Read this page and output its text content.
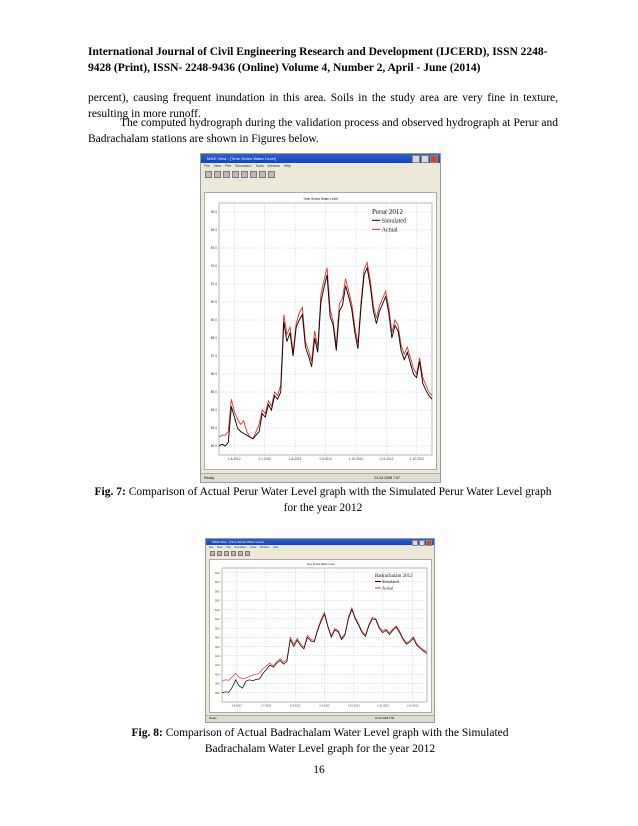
International Journal of Civil Engineering Research and Development (IJCERD), ISSN 2248-
9428 (Print), ISSN- 2248-9436 (Online) Volume 4, Number 2, April - June (2014)
percent), causing frequent inundation in this area. Soils in the study area are very fine in texture, resulting in more runoff.
The computed hydrograph during the validation process and observed hydrograph at Perur and Badrachalam stations are shown in Figures below.
MIKE View - [Time Series Water Level]
File View Plot Simulation Tools Window Help
Time Series Water Level
82.0
83.0
84.0
85.0
86.0
87.0
88.0
89.0
90.0
91.0
92.0
93.0
94.0
95.0
1-6-2012	1-7-2012	1-8-2012	1-9-2012	1-10-2012	1-11-2012	1-12-2012
Perur 2012
Simulated
Actual
Ready	24-02-2008 7:57
Fig. 7: Comparison of Actual Perur Water Level graph with the Simulated Perur Water Level graph for the year 2012
MIKE View - [Time Series Water Level]
File View Plot Simulation Tools Window Help
Time Series Water Level
36.0
38.0
40.0
42.0
44.0
46.0
48.0
50.0
52.0
54.0
56.0
58.0
60.0
62.0
1-6-2012	1-7-2012	1-8-2012	1-9-2012	1-10-2012	1-11-2012	1-12-2012
Badrachalam 2012
Simulated
Actual
Ready	24-02-2008 7:58
Fig. 8: Comparison of Actual Badrachalam Water Level graph with the Simulated Badrachalam Water Level graph for the year 2012
16
